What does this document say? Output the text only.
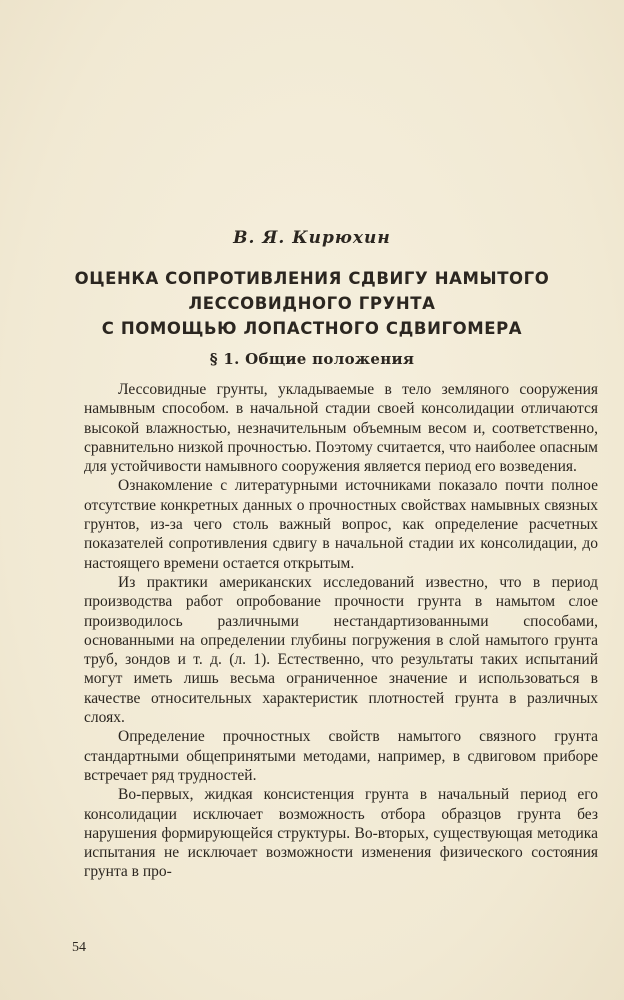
В. Я. Кирюхин
ОЦЕНКА СОПРОТИВЛЕНИЯ СДВИГУ НАМЫТОГО
ЛЕССОВИДНОГО ГРУНТА
С ПОМОЩЬЮ ЛОПАСТНОГО СДВИГОМЕРА
§ 1. Общие положения

Лессовидные грунты, укладываемые в тело земляного сооружения намывным способом. в начальной стадии своей консолидации отличаются высокой влажностью, незначительным объемным весом и, соответственно, сравнительно низкой прочностью. Поэтому считается, что наиболее опасным для устойчивости намывного сооружения является период его возведения.

Ознакомление с литературными источниками показало почти полное отсутствие конкретных данных о прочностных свойствах намывных связных грунтов, из-за чего столь важный вопрос, как определение расчетных показателей сопротивления сдвигу в начальной стадии их консолидации, до настоящего времени остается открытым.

Из практики американских исследований известно, что в период производства работ опробование прочности грунта в намытом слое производилось различными нестандартизованными способами, основанными на определении глубины погружения в слой намытого грунта труб, зондов и т. д. (л. 1). Естественно, что результаты таких испытаний могут иметь лишь весьма ограниченное значение и использоваться в качестве относительных характеристик плотностей грунта в различных слоях.

Определение прочностных свойств намытого связного грунта стандартными общепринятыми методами, например, в сдвиговом приборе встречает ряд трудностей.

Во-первых, жидкая консистенция грунта в начальный период его консолидации исключает возможность отбора образцов грунта без нарушения формирующейся структуры. Во-вторых, существующая методика испытания не исключает возможности изменения физического состояния грунта в про-

54
